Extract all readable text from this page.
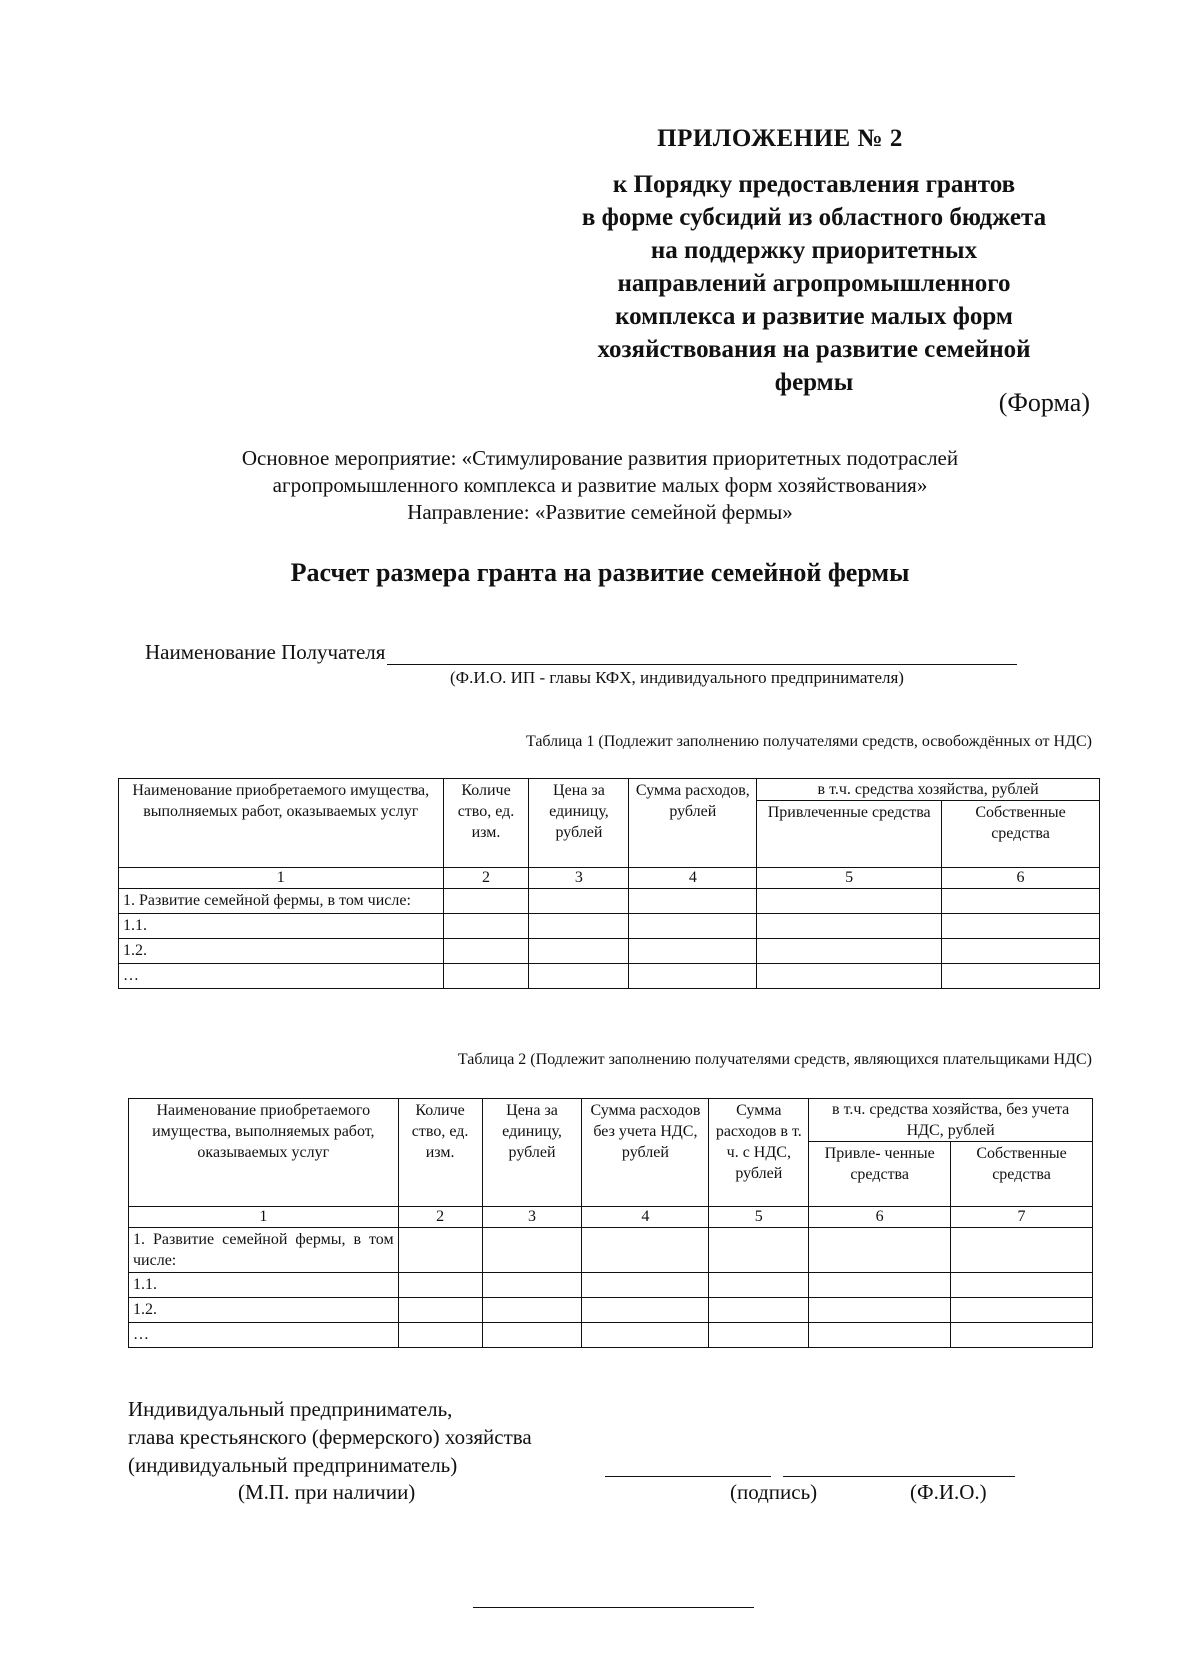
ПРИЛОЖЕНИЕ № 2
к Порядку предоставления грантов
в форме субсидий из областного бюджета
на поддержку приоритетных
направлений агропромышленного
комплекса и развитие малых форм
хозяйствования на развитие семейной
фермы
(Форма)
Основное мероприятие: «Стимулирование развития приоритетных подотраслей
агропромышленного комплекса и развитие малых форм хозяйствования»
Направление: «Развитие семейной фермы»
Расчет размера гранта на развитие семейной фермы
Наименование Получателя
(Ф.И.О. ИП - главы КФХ, индивидуального предпринимателя)
Таблица 1 (Подлежит заполнению получателями средств, освобождённых от НДС)
Наименование приобретаемого имущества, выполняемых работ, оказываемых услуг	Количе ство, ед. изм.	Цена за единицу, рублей	Сумма расходов, рублей	в т.ч. средства хозяйства, рублей	
				Привлеченные средства	Собственные средства
1	2	3	4	5	6
1. Развитие семейной фермы, в том числе:					
1.1.					
1.2.					
…					
Таблица 2 (Подлежит заполнению получателями средств, являющихся плательщиками НДС)
Наименование приобретаемого имущества, выполняемых работ, оказываемых услуг	Количе ство, ед. изм.	Цена за единицу, рублей	Сумма расходов без учета НДС, рублей	Сумма расходов в т. ч. с НДС, рублей	в т.ч. средства хозяйства, без учета НДС, рублей	
					Привле- ченные средства	Собственные средства
1	2	3	4	5	6	7
1. Развитие семейной фермы, в том числе:						
1.1.						
1.2.						
…						
Индивидуальный предприниматель,
глава крестьянского (фермерского) хозяйства
(индивидуальный предприниматель)
(М.П. при наличии)	(подпись)	(Ф.И.О.)
